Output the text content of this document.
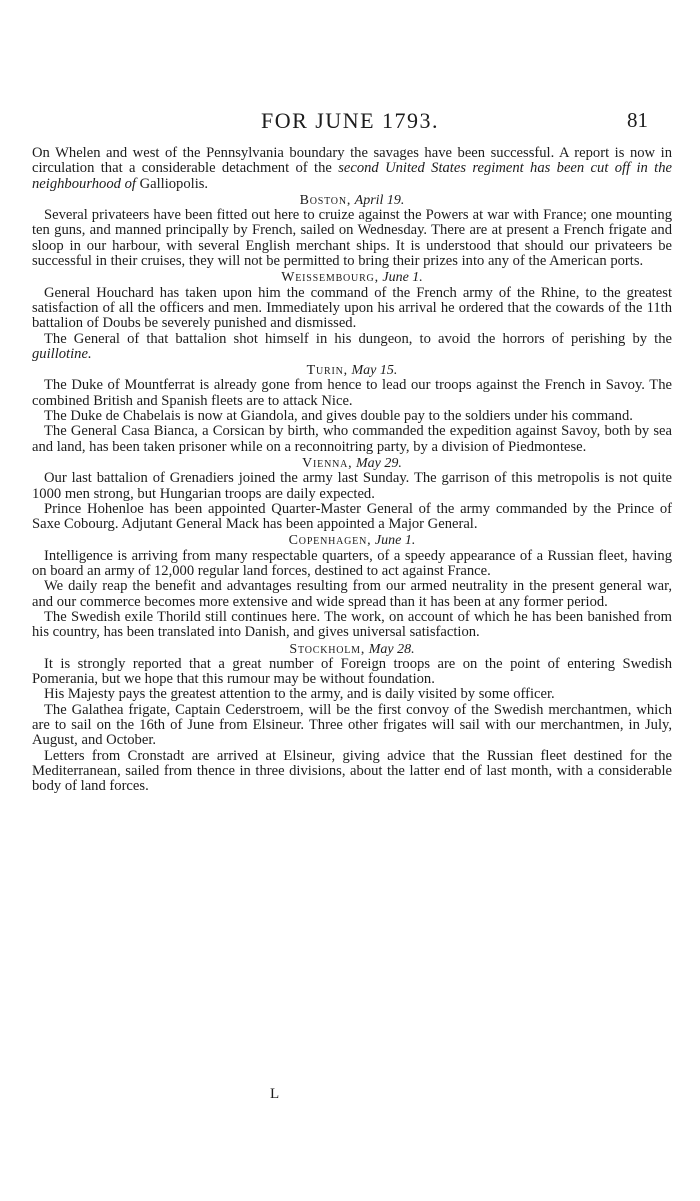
FOR JUNE 1793.	81

On Whelen and west of the Pennsylvania boundary the savages have been successful. A report is now in circulation that a considerable detachment of the second United States regiment has been cut off in the neighbourhood of Galliopolis.

Boston, April 19.

Several privateers have been fitted out here to cruize against the Powers at war with France; one mounting ten guns, and manned principally by French, sailed on Wednesday. There are at present a French frigate and sloop in our harbour, with several English merchant ships. It is understood that should our privateers be successful in their cruises, they will not be permitted to bring their prizes into any of the American ports.

Weissembourg, June 1.

General Houchard has taken upon him the command of the French army of the Rhine, to the greatest satisfaction of all the officers and men. Immediately upon his arrival he ordered that the cowards of the 11th battalion of Doubs be severely punished and dismissed.

The General of that battalion shot himself in his dungeon, to avoid the horrors of perishing by the guillotine.

Turin, May 15.

The Duke of Mountferrat is already gone from hence to lead our troops against the French in Savoy. The combined British and Spanish fleets are to attack Nice.

The Duke de Chabelais is now at Giandola, and gives double pay to the soldiers under his command.

The General Casa Bianca, a Corsican by birth, who commanded the expedition against Savoy, both by sea and land, has been taken prisoner while on a reconnoitring party, by a division of Piedmontese.

Vienna, May 29.

Our last battalion of Grenadiers joined the army last Sunday. The garrison of this metropolis is not quite 1000 men strong, but Hungarian troops are daily expected.

Prince Hohenloe has been appointed Quarter-Master General of the army commanded by the Prince of Saxe Cobourg. Adjutant General Mack has been appointed a Major General.

Copenhagen, June 1.

Intelligence is arriving from many respectable quarters, of a speedy appearance of a Russian fleet, having on board an army of 12,000 regular land forces, destined to act against France.

We daily reap the benefit and advantages resulting from our armed neutrality in the present general war, and our commerce becomes more extensive and wide spread than it has been at any former period.

The Swedish exile Thorild still continues here. The work, on account of which he has been banished from his country, has been translated into Danish, and gives universal satisfaction.

Stockholm, May 28.

It is strongly reported that a great number of Foreign troops are on the point of entering Swedish Pomerania, but we hope that this rumour may be without foundation.

His Majesty pays the greatest attention to the army, and is daily visited by some officer.

The Galathea frigate, Captain Cederstroem, will be the first convoy of the Swedish merchantmen, which are to sail on the 16th of June from Elsineur. Three other frigates will sail with our merchantmen, in July, August, and October.

Letters from Cronstadt are arrived at Elsineur, giving advice that the Russian fleet destined for the Mediterranean, sailed from thence in three divisions, about the latter end of last month, with a considerable body of land forces.

L
